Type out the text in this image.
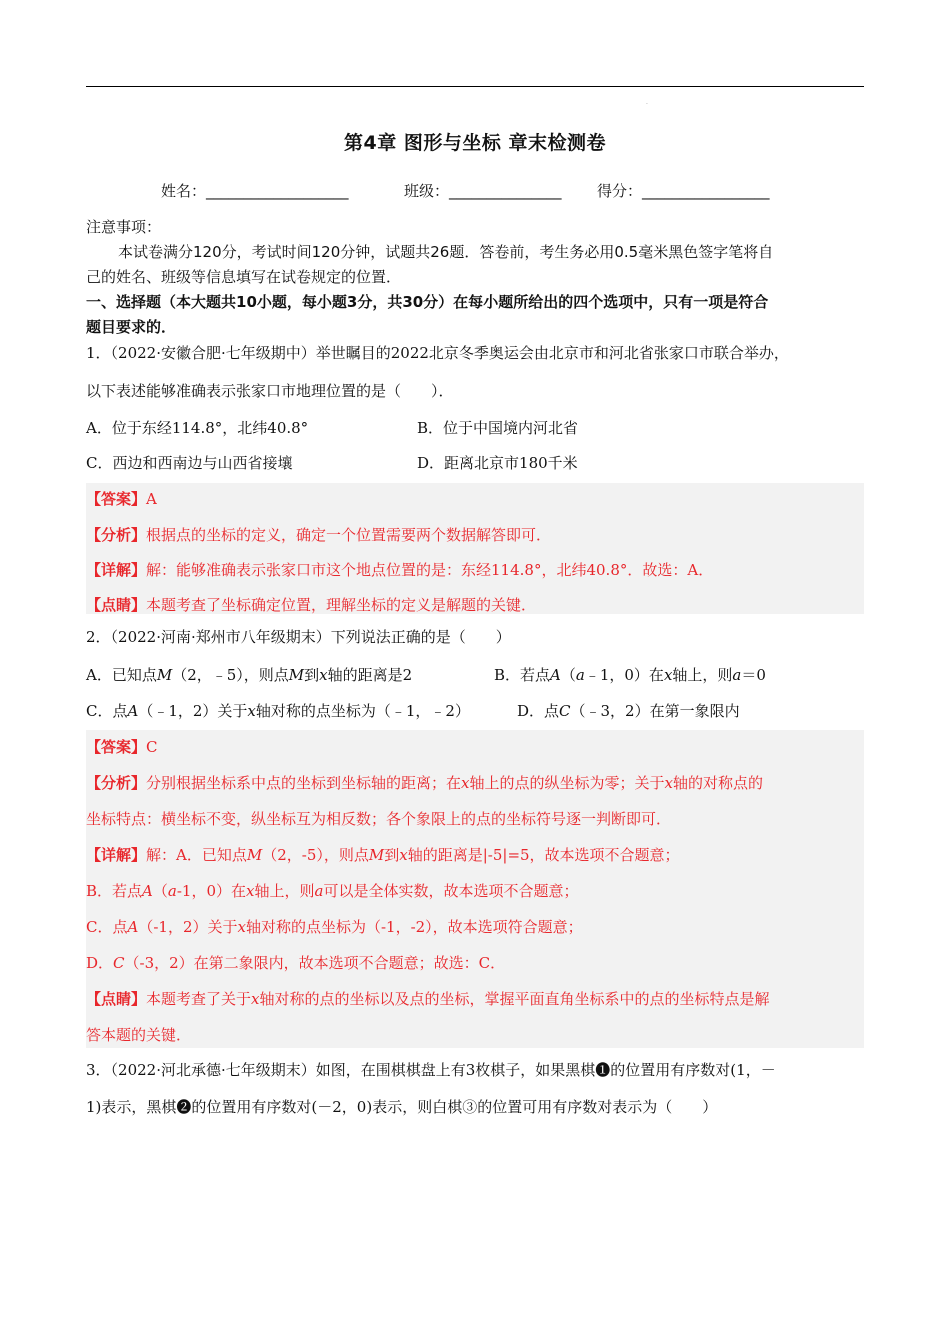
.
第4章 图形与坐标 章末检测卷
姓名：___________________	班级：_______________ 得分：_________________
注意事项：
本试卷满分120分，考试时间120分钟，试题共26题．答卷前，考生务必用0.5毫米黑色签字笔将自
己的姓名、班级等信息填写在试卷规定的位置．
一、选择题（本大题共10小题，每小题3分，共30分）在每小题所给出的四个选项中，只有一项是符合
题目要求的．
1．（2022·安徽合肥·七年级期中）举世瞩目的2022北京冬季奥运会由北京市和河北省张家口市联合举办，
以下表述能够准确表示张家口市地理位置的是（　　）．
A．位于东经114.8°，北纬40.8°	B．位于中国境内河北省
C．西边和西南边与山西省接壤	D．距离北京市180千米
【答案】A
【分析】根据点的坐标的定义，确定一个位置需要两个数据解答即可．
【详解】解：能够准确表示张家口市这个地点位置的是：东经114.8°，北纬40.8°．故选：A．
【点睛】本题考查了坐标确定位置，理解坐标的定义是解题的关键．
2．（2022·河南·郑州市八年级期末）下列说法正确的是（　　）
A．已知点M（2，﹣5），则点M到x轴的距离是2	B．若点A（a﹣1，0）在x轴上，则a＝0
C．点A（﹣1，2）关于x轴对称的点坐标为（﹣1，﹣2）	D．点C（﹣3，2）在第一象限内
【答案】C
【分析】分别根据坐标系中点的坐标到坐标轴的距离；在x轴上的点的纵坐标为零；关于x轴的对称点的
坐标特点：横坐标不变，纵坐标互为相反数；各个象限上的点的坐标符号逐一判断即可．
【详解】解：A．已知点M（2，-5），则点M到x轴的距离是|-5|=5，故本选项不合题意；
B．若点A（a-1，0）在x轴上，则a可以是全体实数，故本选项不合题意；
C．点A（-1，2）关于x轴对称的点坐标为（-1，-2），故本选项符合题意；
D．C（-3，2）在第二象限内，故本选项不合题意；故选：C．
【点睛】本题考查了关于x轴对称的点的坐标以及点的坐标，掌握平面直角坐标系中的点的坐标特点是解
答本题的关键．
3．（2022·河北承德·七年级期末）如图，在围棋棋盘上有3枚棋子，如果黑棋❶的位置用有序数对(1，－
1)表示，黑棋❷的位置用有序数对(－2，0)表示，则白棋③的位置可用有序数对表示为（　　）
